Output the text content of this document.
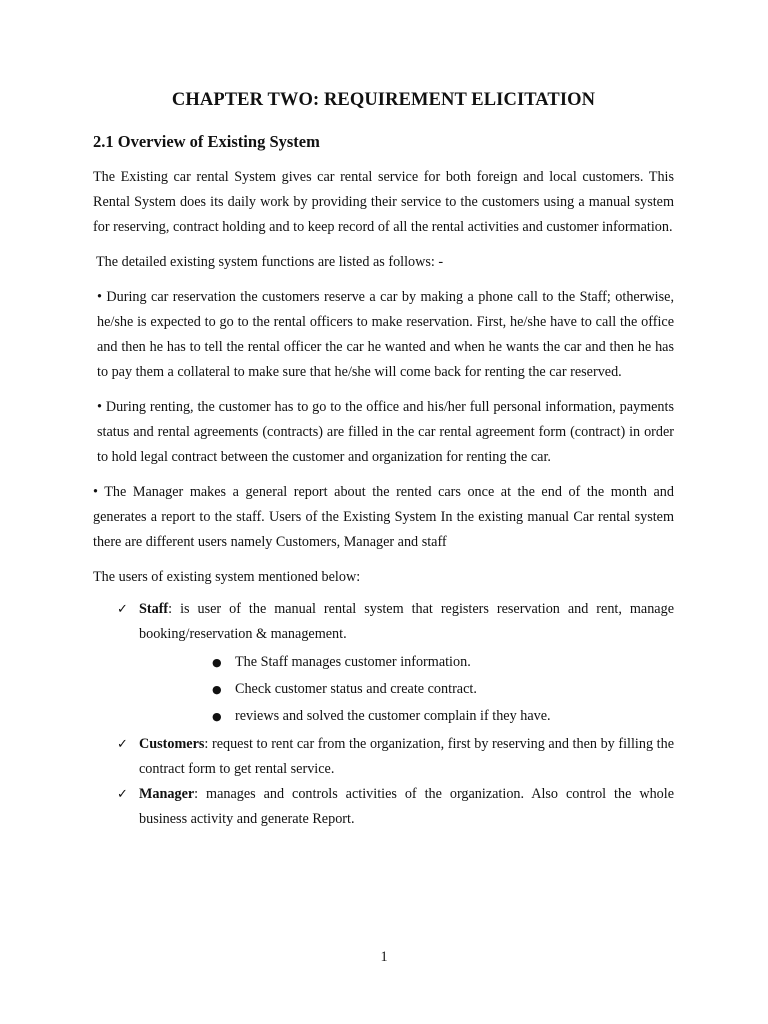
CHAPTER TWO: REQUIREMENT ELICITATION
2.1 Overview of Existing System

The Existing car rental System gives car rental service for both foreign and local customers. This Rental System does its daily work by providing their service to the customers using a manual system for reserving, contract holding and to keep record of all the rental activities and customer information.

The detailed existing system functions are listed as follows: -

• During car reservation the customers reserve a car by making a phone call to the Staff; otherwise, he/she is expected to go to the rental officers to make reservation. First, he/she have to call the office and then he has to tell the rental officer the car he wanted and when he wants the car and then he has to pay them a collateral to make sure that he/she will come back for renting the car reserved.

• During renting, the customer has to go to the office and his/her full personal information, payments status and rental agreements (contracts) are filled in the car rental agreement form (contract) in order to hold legal contract between the customer and organization for renting the car.

• The Manager makes a general report about the rented cars once at the end of the month and generates a report to the staff. Users of the Existing System In the existing manual Car rental system there are different users namely Customers, Manager and staff

The users of existing system mentioned below:

✓ Staff: is user of the manual rental system that registers reservation and rent, manage booking/reservation & management.
● The Staff manages customer information.
● Check customer status and create contract.
● reviews and solved the customer complain if they have.
✓ Customers: request to rent car from the organization, first by reserving and then by filling the contract form to get rental service.
✓ Manager: manages and controls activities of the organization. Also control the whole business activity and generate Report.
1
